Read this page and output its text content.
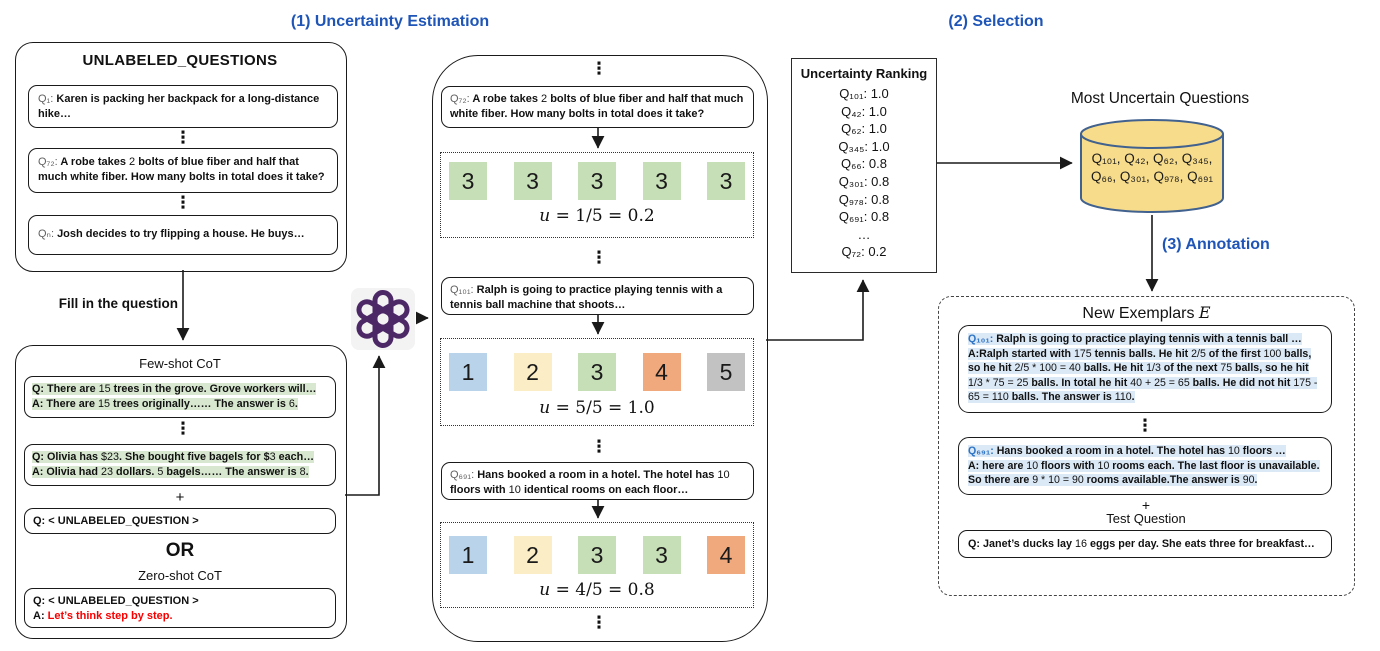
(1) Uncertainty Estimation	(2) Selection
(3) Annotation
UNLABELED_QUESTIONS
Q₁: Karen is packing her backpack for a long-distance hike…
⋮
Q₇₂: A robe takes 2 bolts of blue fiber and half that much white fiber. How many bolts in total does it take?
⋮
Qₙ: Josh decides to try flipping a house. He buys…
Fill in the question
Few-shot CoT
Q: There are 15 trees in the grove. Grove workers will…
A: There are 15 trees originally…… The answer is 6.
⋮
Q: Olivia has $23. She bought five bagels for $3 each…
A: Olivia had 23 dollars. 5 bagels…… The answer is 8.
+
Q: < UNLABELED_QUESTION >
OR
Zero-shot CoT
Q: < UNLABELED_QUESTION >
A: Let’s think step by step.
⋮
Q₇₂: A robe takes 2 bolts of blue fiber and half that much white fiber. How many bolts in total does it take?
3	3	3	3	3
u = 1/5 = 0.2
⋮
Q₁₀₁: Ralph is going to practice playing tennis with a tennis ball machine that shoots…
1	2	3	4	5
u = 5/5 = 1.0
⋮
Q₆₉₁: Hans booked a room in a hotel. The hotel has 10 floors with 10 identical rooms on each floor…
1	2	3	3	4
u = 4/5 = 0.8
⋮
Uncertainty Ranking
Q₁₀₁: 1.0
Q₄₂: 1.0
Q₆₂: 1.0
Q₃₄₅: 1.0
Q₆₆: 0.8
Q₃₀₁: 0.8
Q₉₇₈: 0.8
Q₆₉₁: 0.8
…
Q₇₂: 0.2
Most Uncertain Questions
Q₁₀₁, Q₄₂, Q₆₂, Q₃₄₅,
Q₆₆, Q₃₀₁, Q₉₇₈, Q₆₉₁
New Exemplars E
Q₁₀₁: Ralph is going to practice playing tennis with a tennis ball …
A:Ralph started with 175 tennis balls. He hit 2/5 of the first 100 balls, so he hit 2/5 * 100 = 40 balls. He hit 1/3 of the next 75 balls, so he hit 1/3 * 75 = 25 balls. In total he hit 40 + 25 = 65 balls. He did not hit 175 - 65 = 110 balls. The answer is 110.
⋮
Q₆₉₁: Hans booked a room in a hotel. The hotel has 10 floors …
A: here are 10 floors with 10 rooms each. The last floor is unavailable. So there are 9 * 10 = 90 rooms available.The answer is 90.
+
Test Question
Q: Janet’s ducks lay 16 eggs per day. She eats three for breakfast…
